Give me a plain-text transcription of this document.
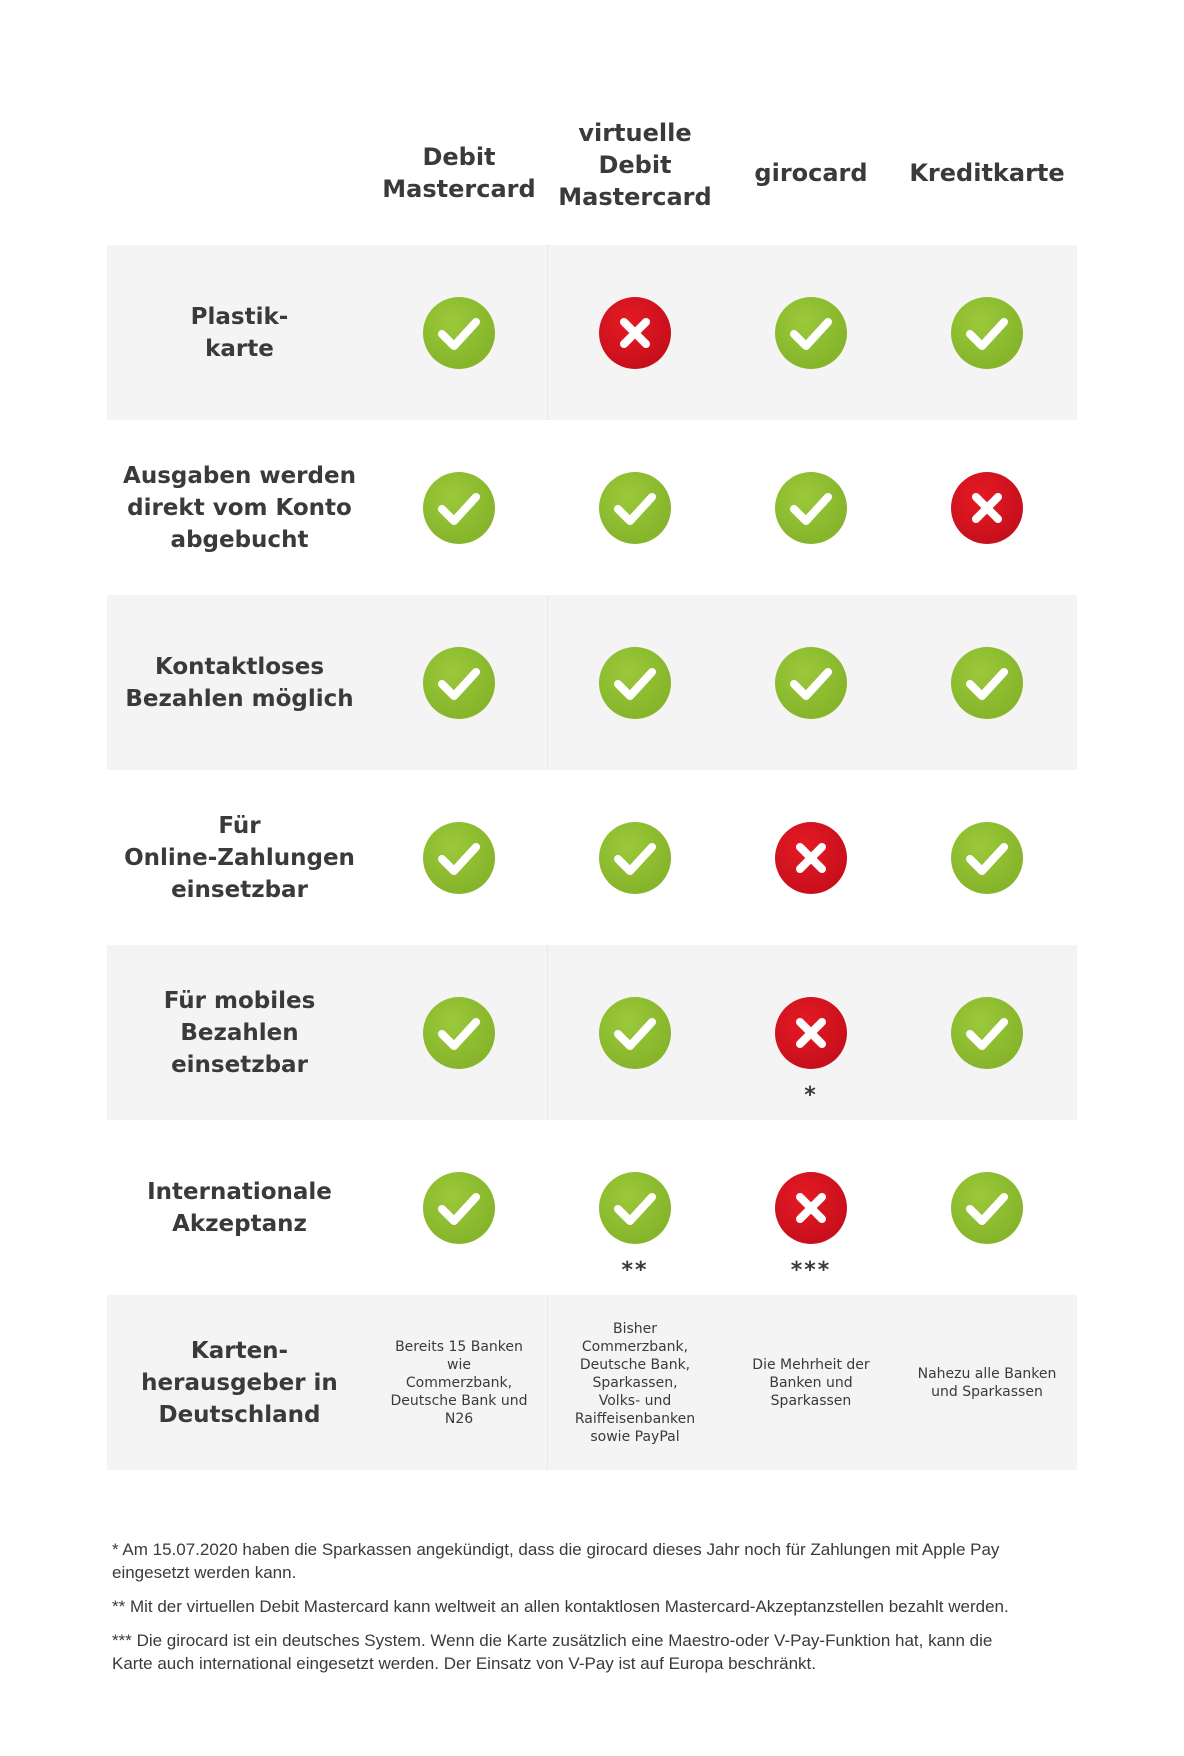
Debit
Mastercard
virtuelle
Debit
Mastercard
girocard	Kreditkarte
Plastik-
karte
Ausgaben werden
direkt vom Konto
abgebucht
Kontaktloses
Bezahlen möglich
Für
Online-Zahlungen
einsetzbar
Für mobiles
Bezahlen
einsetzbar
*
Internationale
Akzeptanz
**	***
Karten-
herausgeber in
Deutschland
Bereits 15 Banken wie
Commerzbank,
Deutsche Bank und
N26
Bisher
Commerzbank,
Deutsche Bank,
Sparkassen,
Volks- und
Raiffeisenbanken
sowie PayPal
Die Mehrheit der
Banken und
Sparkassen
Nahezu alle Banken
und Sparkassen

* Am 15.07.2020 haben die Sparkassen angekündigt, dass die girocard dieses Jahr noch für Zahlungen mit Apple Pay
eingesetzt werden kann.

** Mit der virtuellen Debit Mastercard kann weltweit an allen kontaktlosen Mastercard-Akzeptanzstellen bezahlt werden.

*** Die girocard ist ein deutsches System. Wenn die Karte zusätzlich eine Maestro-oder V-Pay-Funktion hat, kann die
Karte auch international eingesetzt werden. Der Einsatz von V-Pay ist auf Europa beschränkt.
